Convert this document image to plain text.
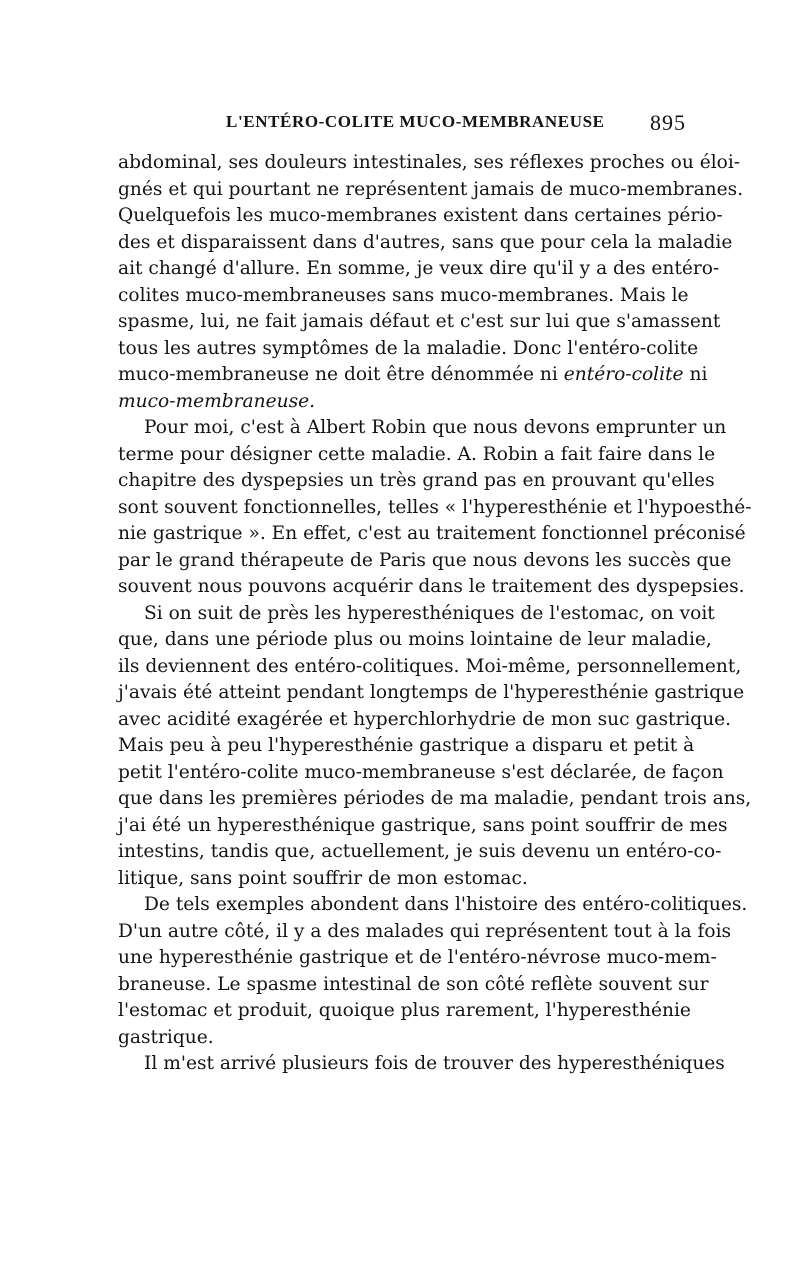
L'ENTÉRO-COLITE MUCO-MEMBRANEUSE 895
abdominal, ses douleurs intestinales, ses réflexes proches ou éloi-
gnés et qui pourtant ne représentent jamais de muco-membranes.
Quelquefois les muco-membranes existent dans certaines pério-
des et disparaissent dans d'autres, sans que pour cela la maladie
ait changé d'allure. En somme, je veux dire qu'il y a des entéro-
colites muco-membraneuses sans muco-membranes. Mais le
spasme, lui, ne fait jamais défaut et c'est sur lui que s'amassent
tous les autres symptômes de la maladie. Donc l'entéro-colite
muco-membraneuse ne doit être dénommée ni entéro-colite ni
muco-membraneuse.
Pour moi, c'est à Albert Robin que nous devons emprunter un
terme pour désigner cette maladie. A. Robin a fait faire dans le
chapitre des dyspepsies un très grand pas en prouvant qu'elles
sont souvent fonctionnelles, telles « l'hyperesthénie et l'hypoesthé-
nie gastrique ». En effet, c'est au traitement fonctionnel préconisé
par le grand thérapeute de Paris que nous devons les succès que
souvent nous pouvons acquérir dans le traitement des dyspepsies.
Si on suit de près les hyperesthéniques de l'estomac, on voit
que, dans une période plus ou moins lointaine de leur maladie,
ils deviennent des entéro-colitiques. Moi-même, personnellement,
j'avais été atteint pendant longtemps de l'hyperesthénie gastrique
avec acidité exagérée et hyperchlorhydrie de mon suc gastrique.
Mais peu à peu l'hyperesthénie gastrique a disparu et petit à
petit l'entéro-colite muco-membraneuse s'est déclarée, de façon
que dans les premières périodes de ma maladie, pendant trois ans,
j'ai été un hyperesthénique gastrique, sans point souffrir de mes
intestins, tandis que, actuellement, je suis devenu un entéro-co-
litique, sans point souffrir de mon estomac.
De tels exemples abondent dans l'histoire des entéro-colitiques.
D'un autre côté, il y a des malades qui représentent tout à la fois
une hyperesthénie gastrique et de l'entéro-névrose muco-mem-
braneuse. Le spasme intestinal de son côté reflète souvent sur
l'estomac et produit, quoique plus rarement, l'hyperesthénie
gastrique.
Il m'est arrivé plusieurs fois de trouver des hyperesthéniques
